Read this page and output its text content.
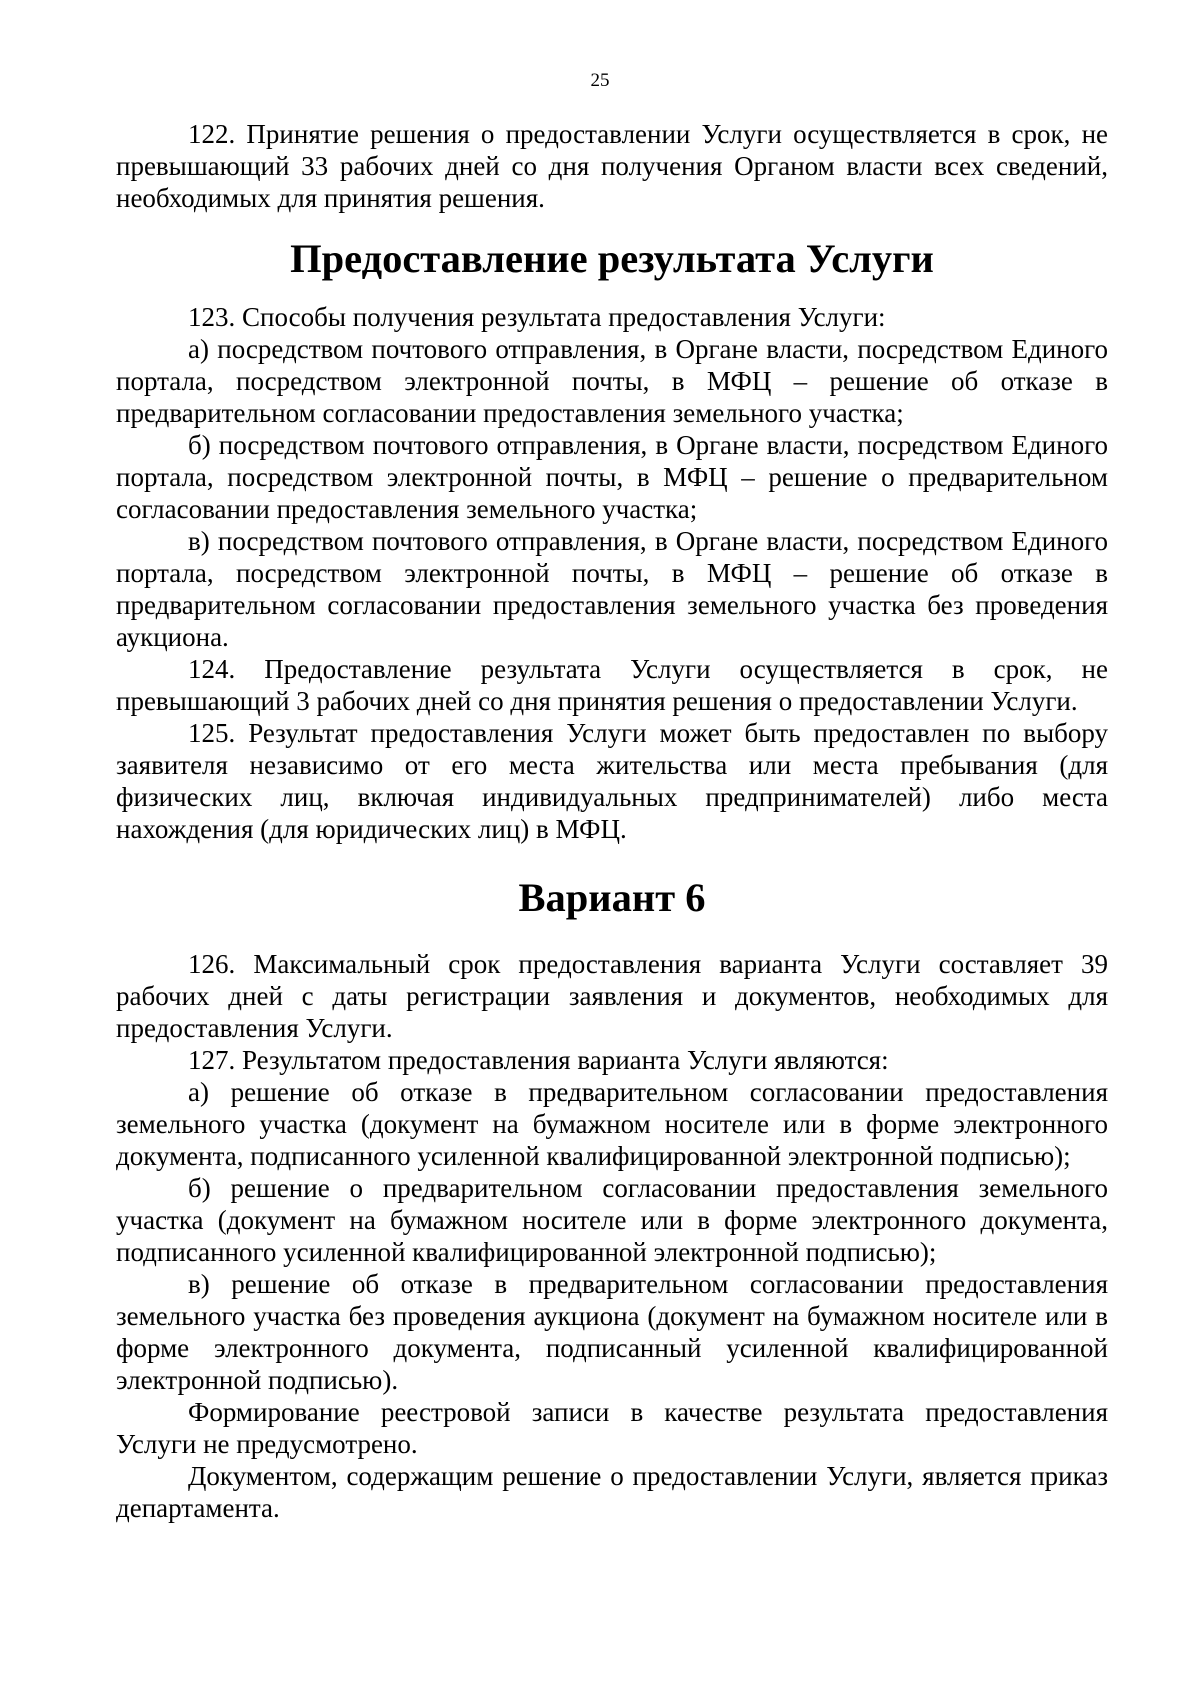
25

122. Принятие решения о предоставлении Услуги осуществляется в срок, не превышающий 33 рабочих дней со дня получения Органом власти всех сведений, необходимых для принятия решения.

Предоставление результата Услуги

123. Способы получения результата предоставления Услуги:

а) посредством почтового отправления, в Органе власти, посредством Единого портала, посредством электронной почты, в МФЦ – решение об отказе в предварительном согласовании предоставления земельного участка;

б) посредством почтового отправления, в Органе власти, посредством Единого портала, посредством электронной почты, в МФЦ – решение о предварительном согласовании предоставления земельного участка;

в) посредством почтового отправления, в Органе власти, посредством Единого портала, посредством электронной почты, в МФЦ – решение об отказе в предварительном согласовании предоставления земельного участка без проведения аукциона.

124. Предоставление результата Услуги осуществляется в срок, не превышающий 3 рабочих дней со дня принятия решения о предоставлении Услуги.

125. Результат предоставления Услуги может быть предоставлен по выбору заявителя независимо от его места жительства или места пребывания (для физических лиц, включая индивидуальных предпринимателей) либо места нахождения (для юридических лиц) в МФЦ.

Вариант 6

126. Максимальный срок предоставления варианта Услуги составляет 39 рабочих дней с даты регистрации заявления и документов, необходимых для предоставления Услуги.

127. Результатом предоставления варианта Услуги являются:

а) решение об отказе в предварительном согласовании предоставления земельного участка (документ на бумажном носителе или в форме электронного документа, подписанного усиленной квалифицированной электронной подписью);

б) решение о предварительном согласовании предоставления земельного участка (документ на бумажном носителе или в форме электронного документа, подписанного усиленной квалифицированной электронной подписью);

в) решение об отказе в предварительном согласовании предоставления земельного участка без проведения аукциона (документ на бумажном носителе или в форме электронного документа, подписанный усиленной квалифицированной электронной подписью).

Формирование реестровой записи в качестве результата предоставления Услуги не предусмотрено.

Документом, содержащим решение о предоставлении Услуги, является приказ департамента.
